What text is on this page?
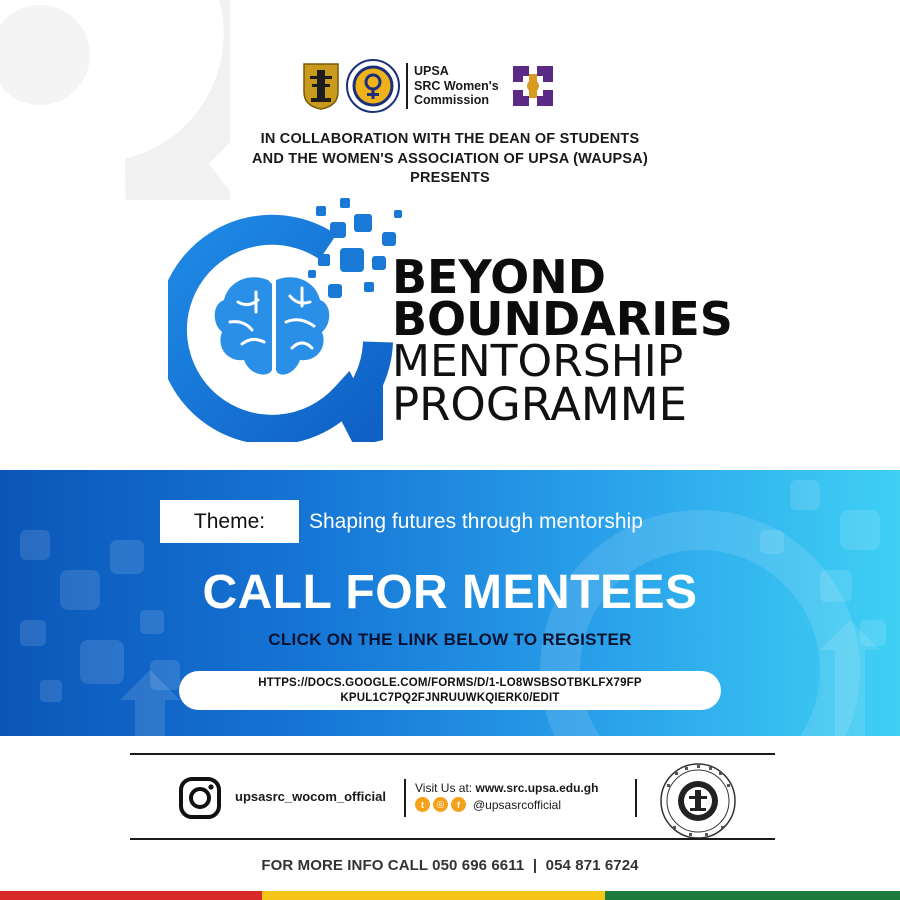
UPSA
SRC Women's
Commission
IN COLLABORATION WITH THE DEAN OF STUDENTS
AND THE WOMEN'S ASSOCIATION OF UPSA (WAUPSA)
PRESENTS
BEYOND
BOUNDARIES
MENTORSHIP
PROGRAMME
Theme:	Shaping futures through mentorship
CALL FOR MENTEES
CLICK ON THE LINK BELOW TO REGISTER
HTTPS://DOCS.GOOGLE.COM/FORMS/D/1-LO8WSBSOTBKLFX79FP
KPUL1C7PQ2FJNRUUWKQIERK0/EDIT
upsasrc_wocom_official
Visit Us at: www.src.upsa.edu.gh
t	◎	f	@upsasrcofficial
FOR MORE INFO CALL 050 696 6611  |  054 871 6724
